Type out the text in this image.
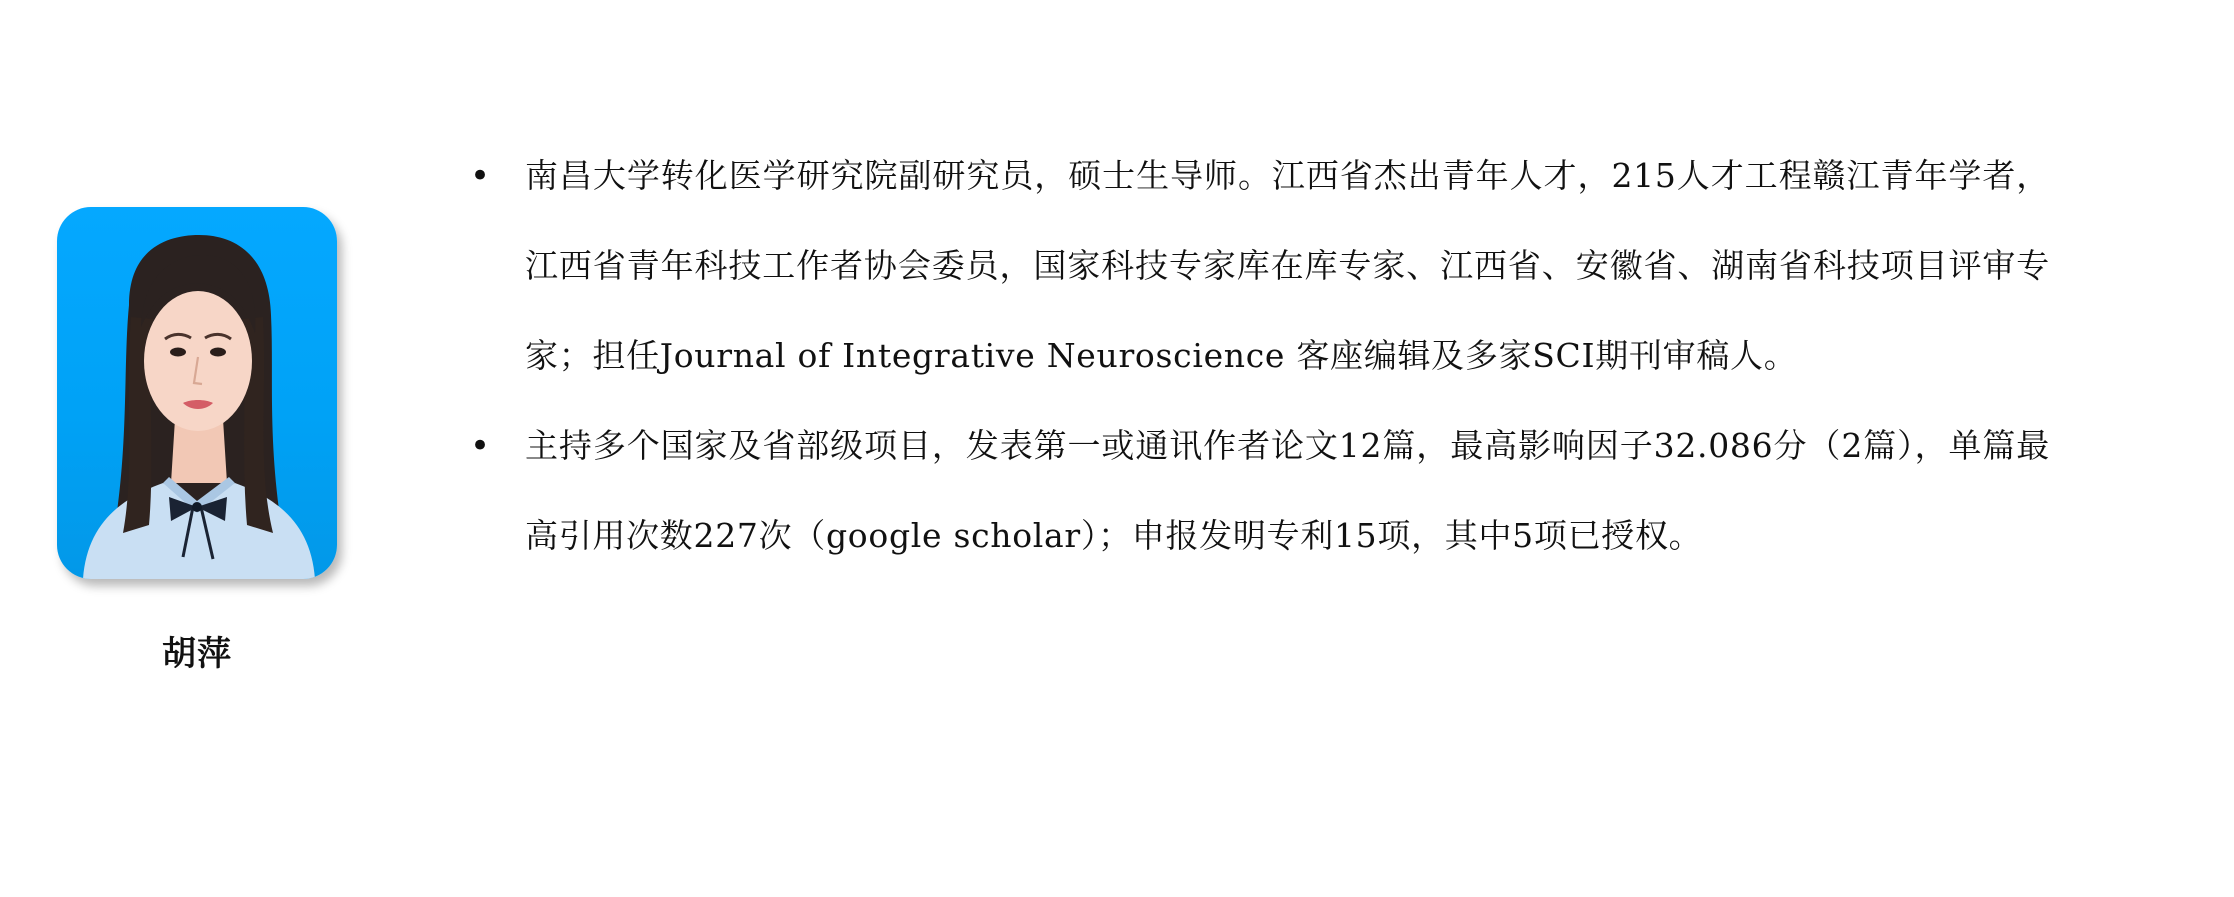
胡萍
• 南昌大学转化医学研究院副研究员，硕士生导师。江西省杰出青年人才，215人才工程赣江青年学者，江西省青年科技工作者协会委员，国家科技专家库在库专家、江西省、安徽省、湖南省科技项目评审专家；担任Journal of Integrative Neuroscience 客座编辑及多家SCI期刊审稿人。
• 主持多个国家及省部级项目，发表第一或通讯作者论文12篇，最高影响因子32.086分（2篇），单篇最高引用次数227次（google scholar）；申报发明专利15项，其中5项已授权。
